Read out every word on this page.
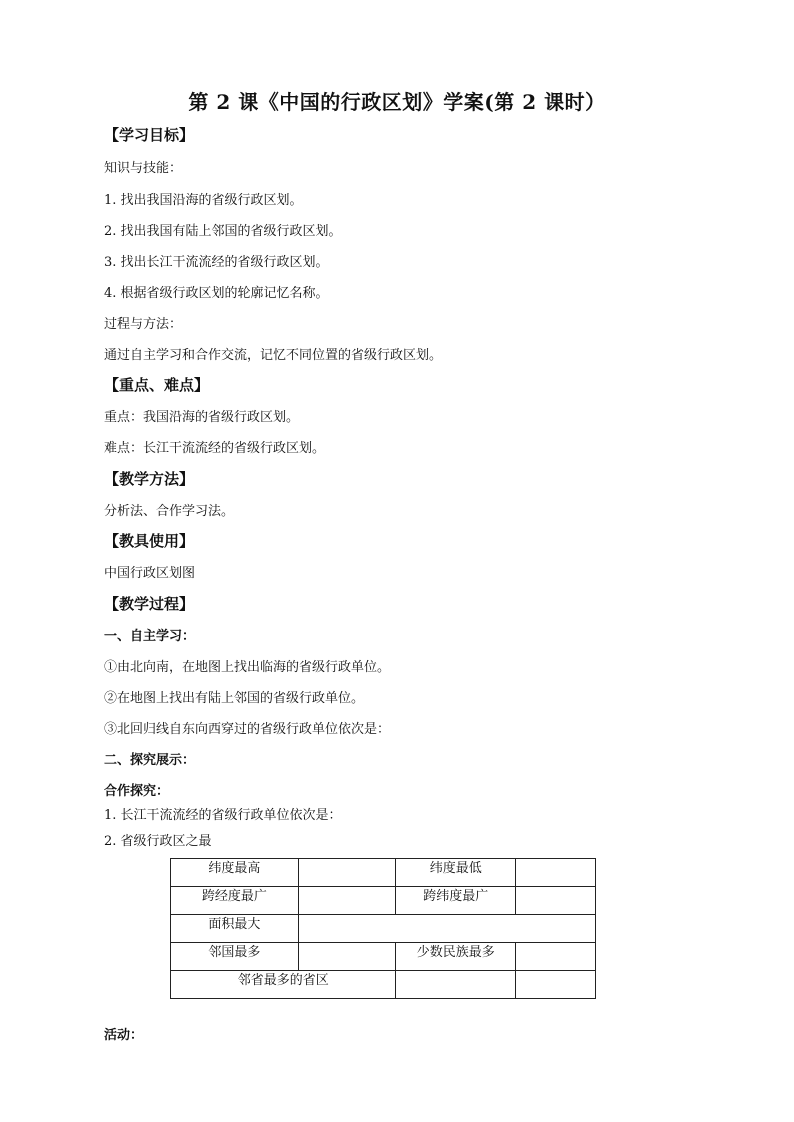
第 2 课《中国的行政区划》学案(第 2 课时）
【学习目标】
知识与技能：
1. 找出我国沿海的省级行政区划。
2. 找出我国有陆上邻国的省级行政区划。
3. 找出长江干流流经的省级行政区划。
4. 根据省级行政区划的轮廓记忆名称。
过程与方法：
通过自主学习和合作交流，记忆不同位置的省级行政区划。
【重点、难点】
重点：我国沿海的省级行政区划。
难点：长江干流流经的省级行政区划。
【教学方法】
分析法、合作学习法。
【教具使用】
中国行政区划图
【教学过程】
一、自主学习：
①由北向南，在地图上找出临海的省级行政单位。
②在地图上找出有陆上邻国的省级行政单位。
③北回归线自东向西穿过的省级行政单位依次是：
二、探究展示：
合作探究：
1. 长江干流流经的省级行政单位依次是：
2. 省级行政区之最
纬度最高		纬度最低	
跨经度最广		跨纬度最广	
面积最大			
邻国最多		少数民族最多	
邻省最多的省区			
活动：
